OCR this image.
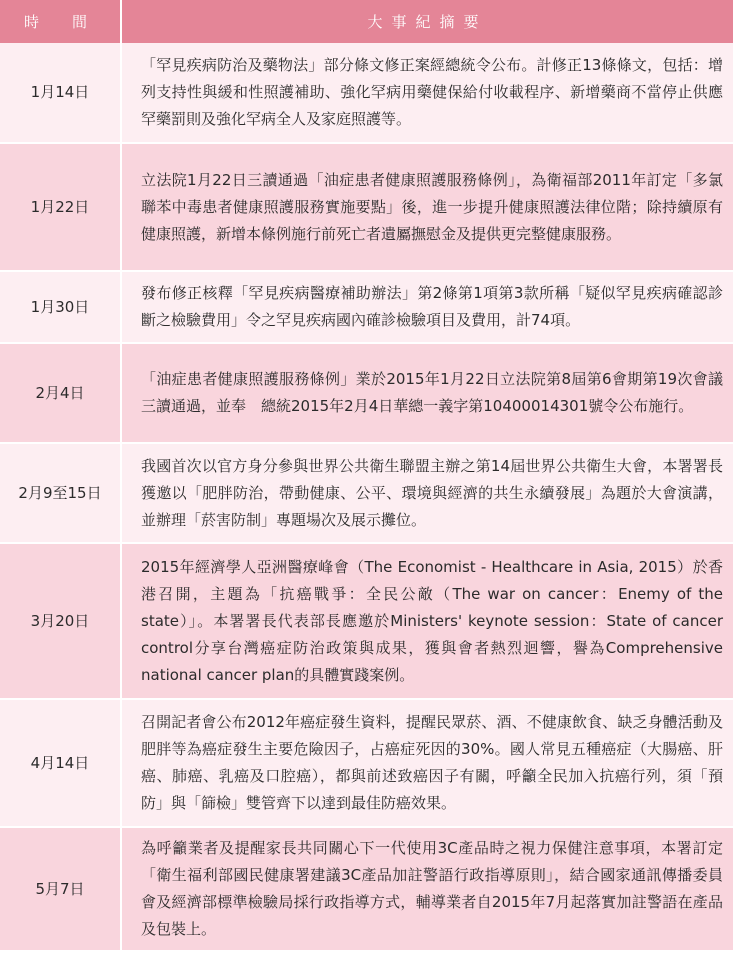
時　間	大事紀摘要
1月14日	「罕見疾病防治及藥物法」部分條文修正案經總統令公布。計修正13條條文，包括：增列支持性與緩和性照護補助、強化罕病用藥健保給付收載程序、新增藥商不當停止供應罕藥罰則及強化罕病全人及家庭照護等。
1月22日	立法院1月22日三讀通過「油症患者健康照護服務條例」，為衛福部2011年訂定「多氯聯苯中毒患者健康照護服務實施要點」後，進一步提升健康照護法律位階；除持續原有健康照護，新增本條例施行前死亡者遺屬撫慰金及提供更完整健康服務。
1月30日	發布修正核釋「罕見疾病醫療補助辦法」第2條第1項第3款所稱「疑似罕見疾病確認診斷之檢驗費用」令之罕見疾病國內確診檢驗項目及費用，計74項。
2月4日	「油症患者健康照護服務條例」業於2015年1月22日立法院第8屆第6會期第19次會議三讀通過，並奉　總統2015年2月4日華總一義字第10400014301號令公布施行。
2月9至15日	我國首次以官方身分參與世界公共衛生聯盟主辦之第14屆世界公共衛生大會，本署署長獲邀以「肥胖防治，帶動健康、公平、環境與經濟的共生永續發展」為題於大會演講，並辦理「菸害防制」專題場次及展示攤位。
3月20日	2015年經濟學人亞洲醫療峰會（The Economist - Healthcare in Asia, 2015）於香港召開，主題為「抗癌戰爭：全民公敵（The war on cancer：Enemy of the state）」。本署署長代表部長應邀於Ministers' keynote session：State of cancer control分享台灣癌症防治政策與成果，獲與會者熱烈迴響，譽為Comprehensive national cancer plan的具體實踐案例。
4月14日	召開記者會公布2012年癌症發生資料，提醒民眾菸、酒、不健康飲食、缺乏身體活動及肥胖等為癌症發生主要危險因子，占癌症死因的30%。國人常見五種癌症（大腸癌、肝癌、肺癌、乳癌及口腔癌），都與前述致癌因子有關，呼籲全民加入抗癌行列，須「預防」與「篩檢」雙管齊下以達到最佳防癌效果。
5月7日	為呼籲業者及提醒家長共同關心下一代使用3C產品時之視力保健注意事項，本署訂定「衛生福利部國民健康署建議3C產品加註警語行政指導原則」，結合國家通訊傳播委員會及經濟部標準檢驗局採行政指導方式，輔導業者自2015年7月起落實加註警語在產品及包裝上。
